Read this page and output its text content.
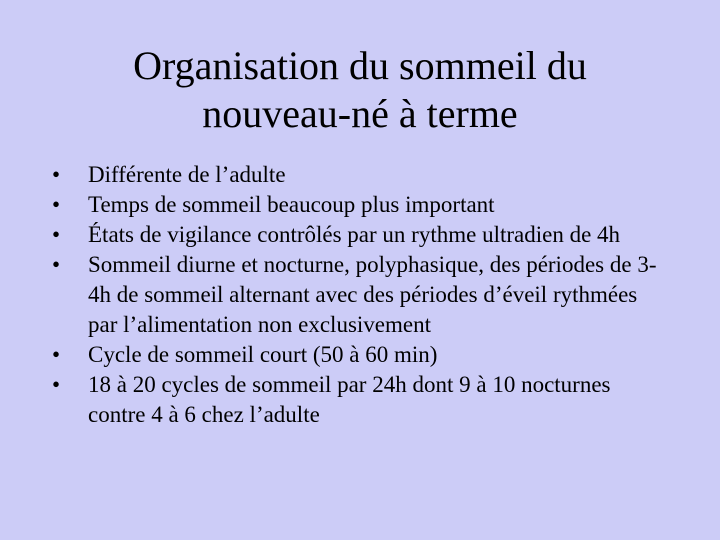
Organisation du sommeil du
nouveau-né à terme
•	Différente de l’adulte
•	Temps de sommeil beaucoup plus important
•	États de vigilance contrôlés par un rythme ultradien de 4h
•	Sommeil diurne et nocturne, polyphasique, des périodes de 3-4h de sommeil alternant avec des périodes d’éveil rythmées par l’alimentation non exclusivement
•	Cycle de sommeil court (50 à 60 min)
•	18 à 20 cycles de sommeil par 24h dont 9 à 10 nocturnes contre 4 à 6 chez l’adulte
